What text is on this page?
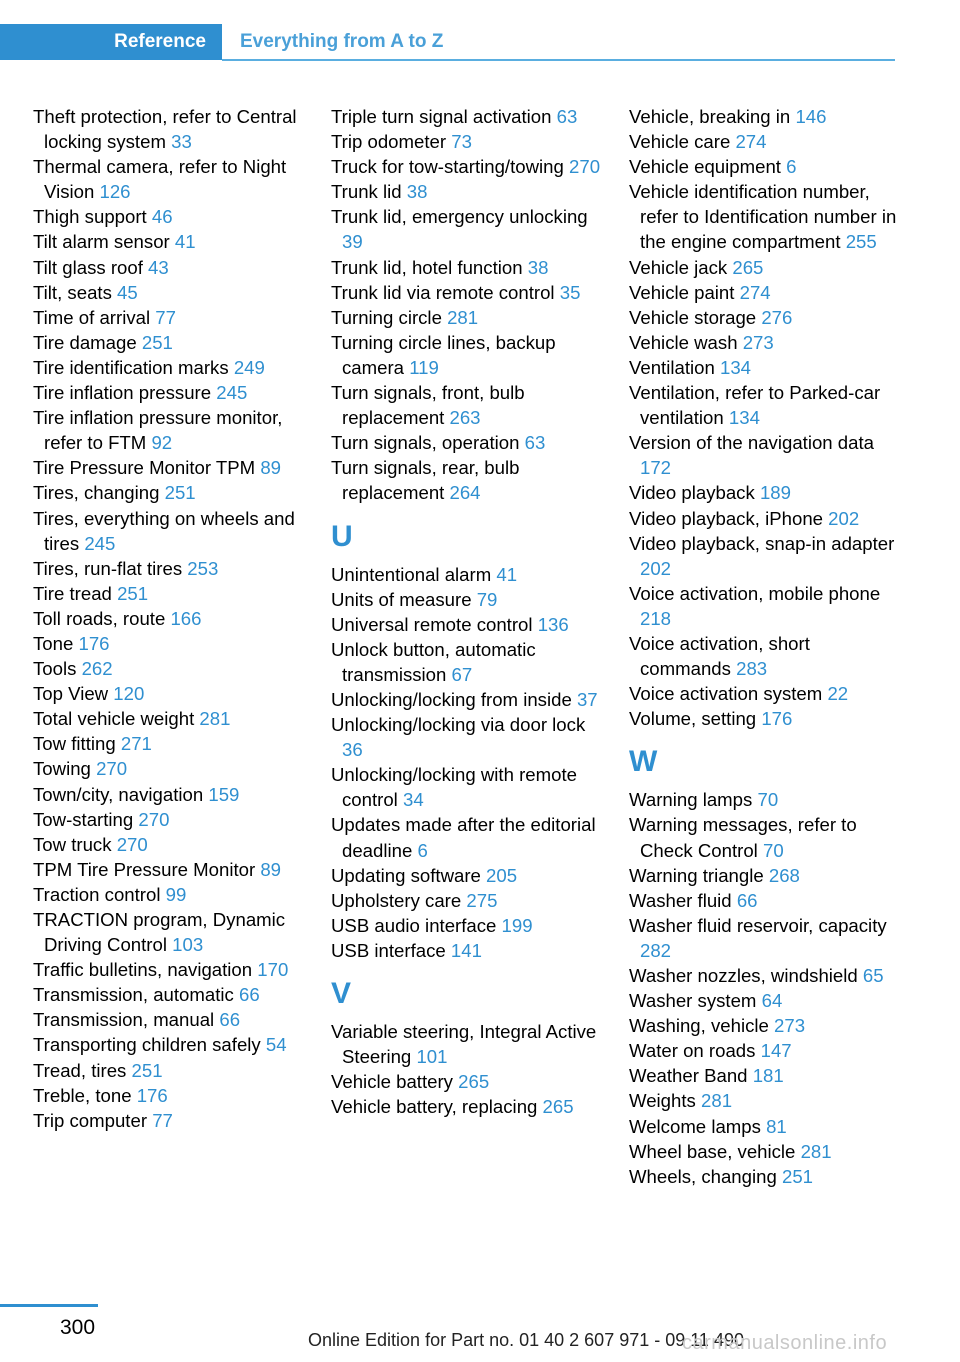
Reference	Everything from A to Z
Theft protection, refer to Central locking system 33
Thermal camera, refer to Night Vision 126
Thigh support 46
Tilt alarm sensor 41
Tilt glass roof 43
Tilt, seats 45
Time of arrival 77
Tire damage 251
Tire identification marks 249
Tire inflation pressure 245
Tire inflation pressure monitor, refer to FTM 92
Tire Pressure Monitor TPM 89
Tires, changing 251
Tires, everything on wheels and tires 245
Tires, run-flat tires 253
Tire tread 251
Toll roads, route 166
Tone 176
Tools 262
Top View 120
Total vehicle weight 281
Tow fitting 271
Towing 270
Town/city, navigation 159
Tow-starting 270
Tow truck 270
TPM Tire Pressure Monitor 89
Traction control 99
TRACTION program, Dynamic Driving Control 103
Traffic bulletins, navigation 170
Transmission, automatic 66
Transmission, manual 66
Transporting children safely 54
Tread, tires 251
Treble, tone 176
Trip computer 77
Triple turn signal activation 63
Trip odometer 73
Truck for tow-starting/towing 270
Trunk lid 38
Trunk lid, emergency unlocking 39
Trunk lid, hotel function 38
Trunk lid via remote control 35
Turning circle 281
Turning circle lines, backup camera 119
Turn signals, front, bulb replacement 263
Turn signals, operation 63
Turn signals, rear, bulb replacement 264
U
Unintentional alarm 41
Units of measure 79
Universal remote control 136
Unlock button, automatic transmission 67
Unlocking/locking from inside 37
Unlocking/locking via door lock 36
Unlocking/locking with remote control 34
Updates made after the editorial deadline 6
Updating software 205
Upholstery care 275
USB audio interface 199
USB interface 141
V
Variable steering, Integral Active Steering 101
Vehicle battery 265
Vehicle battery, replacing 265
Vehicle, breaking in 146
Vehicle care 274
Vehicle equipment 6
Vehicle identification number, refer to Identification number in the engine compartment 255
Vehicle jack 265
Vehicle paint 274
Vehicle storage 276
Vehicle wash 273
Ventilation 134
Ventilation, refer to Parked-car ventilation 134
Version of the navigation data 172
Video playback 189
Video playback, iPhone 202
Video playback, snap-in adapter 202
Voice activation, mobile phone 218
Voice activation, short commands 283
Voice activation system 22
Volume, setting 176
W
Warning lamps 70
Warning messages, refer to Check Control 70
Warning triangle 268
Washer fluid 66
Washer fluid reservoir, capacity 282
Washer nozzles, windshield 65
Washer system 64
Washing, vehicle 273
Water on roads 147
Weather Band 181
Weights 281
Welcome lamps 81
Wheel base, vehicle 281
Wheels, changing 251
300
Online Edition for Part no. 01 40 2 607 971 - 09 11 490
carmanualsonline.info
